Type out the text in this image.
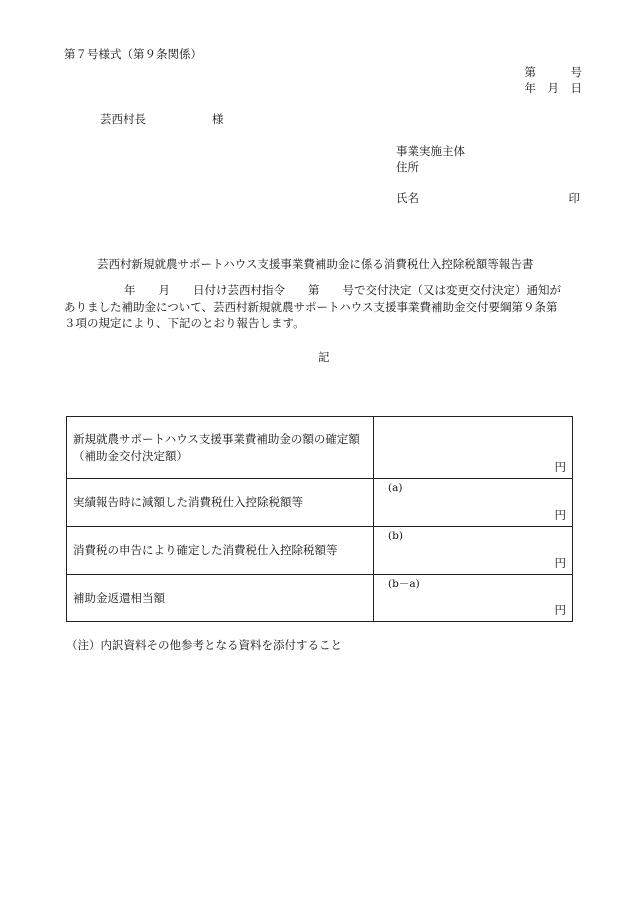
第７号様式（第９条関係）
第　　　号
年　月　日
芸西村長	様
事業実施主体
住所
氏名	印
芸西村新規就農サポートハウス支援事業費補助金に係る消費税仕入控除税額等報告書
年　　月　　日付け芸西村指令　　第　　号で交付決定（又は変更交付決定）通知が
ありました補助金について、芸西村新規就農サポートハウス支援事業費補助金交付要綱第９条第
３項の規定により、下記のとおり報告します。
記
新規就農サポートハウス支援事業費補助金の額の確定額（補助金交付決定額）	円

実績報告時に減額した消費税仕入控除税額等	(a)
円

消費税の申告により確定した消費税仕入控除税額等	(b)
円

補助金返還相当額	(b－a)
円
（注）内訳資料その他参考となる資料を添付すること
